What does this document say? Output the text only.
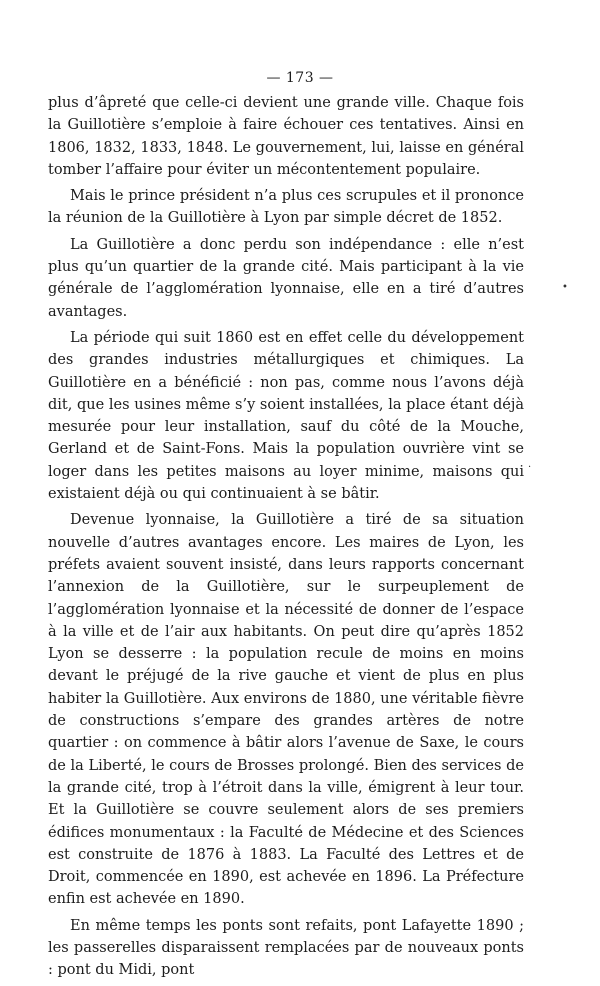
— 173 —

plus d’âpreté que celle-ci devient une grande ville. Chaque fois la Guillotière s’emploie à faire échouer ces tentatives. Ainsi en 1806, 1832, 1833, 1848. Le gouvernement, lui, laisse en général tomber l’affaire pour éviter un mécontentement populaire.

Mais le prince président n’a plus ces scrupules et il prononce la réunion de la Guillotière à Lyon par simple décret de 1852.

La Guillotière a donc perdu son indépendance : elle n’est plus qu’un quartier de la grande cité. Mais participant à la vie générale de l’agglomération lyonnaise, elle en a tiré d’autres avantages.

La période qui suit 1860 est en effet celle du développement des grandes industries métallurgiques et chimiques. La Guillotière en a bénéficié : non pas, comme nous l’avons déjà dit, que les usines même s’y soient installées, la place étant déjà mesurée pour leur installation, sauf du côté de la Mouche, Gerland et de Saint-Fons. Mais la population ouvrière vint se loger dans les petites maisons au loyer minime, maisons qui existaient déjà ou qui continuaient à se bâtir.

Devenue lyonnaise, la Guillotière a tiré de sa situation nouvelle d’autres avantages encore. Les maires de Lyon, les préfets avaient souvent insisté, dans leurs rapports concernant l’annexion de la Guillotière, sur le surpeuplement de l’agglomération lyonnaise et la nécessité de donner de l’espace à la ville et de l’air aux habitants. On peut dire qu’après 1852 Lyon se desserre : la population recule de moins en moins devant le préjugé de la rive gauche et vient de plus en plus habiter la Guillotière. Aux environs de 1880, une véritable fièvre de constructions s’empare des grandes artères de notre quartier : on commence à bâtir alors l’avenue de Saxe, le cours de la Liberté, le cours de Brosses prolongé. Bien des services de la grande cité, trop à l’étroit dans la ville, émigrent à leur tour. Et la Guillotière se couvre seulement alors de ses premiers édifices monumentaux : la Faculté de Médecine et des Sciences est construite de 1876 à 1883. La Faculté des Lettres et de Droit, commencée en 1890, est achevée en 1896. La Préfecture enfin est achevée en 1890.

En même temps les ponts sont refaits, pont Lafayette 1890 ; les passerelles disparaissent remplacées par de nouveaux ponts : pont du Midi, pont

•
·
